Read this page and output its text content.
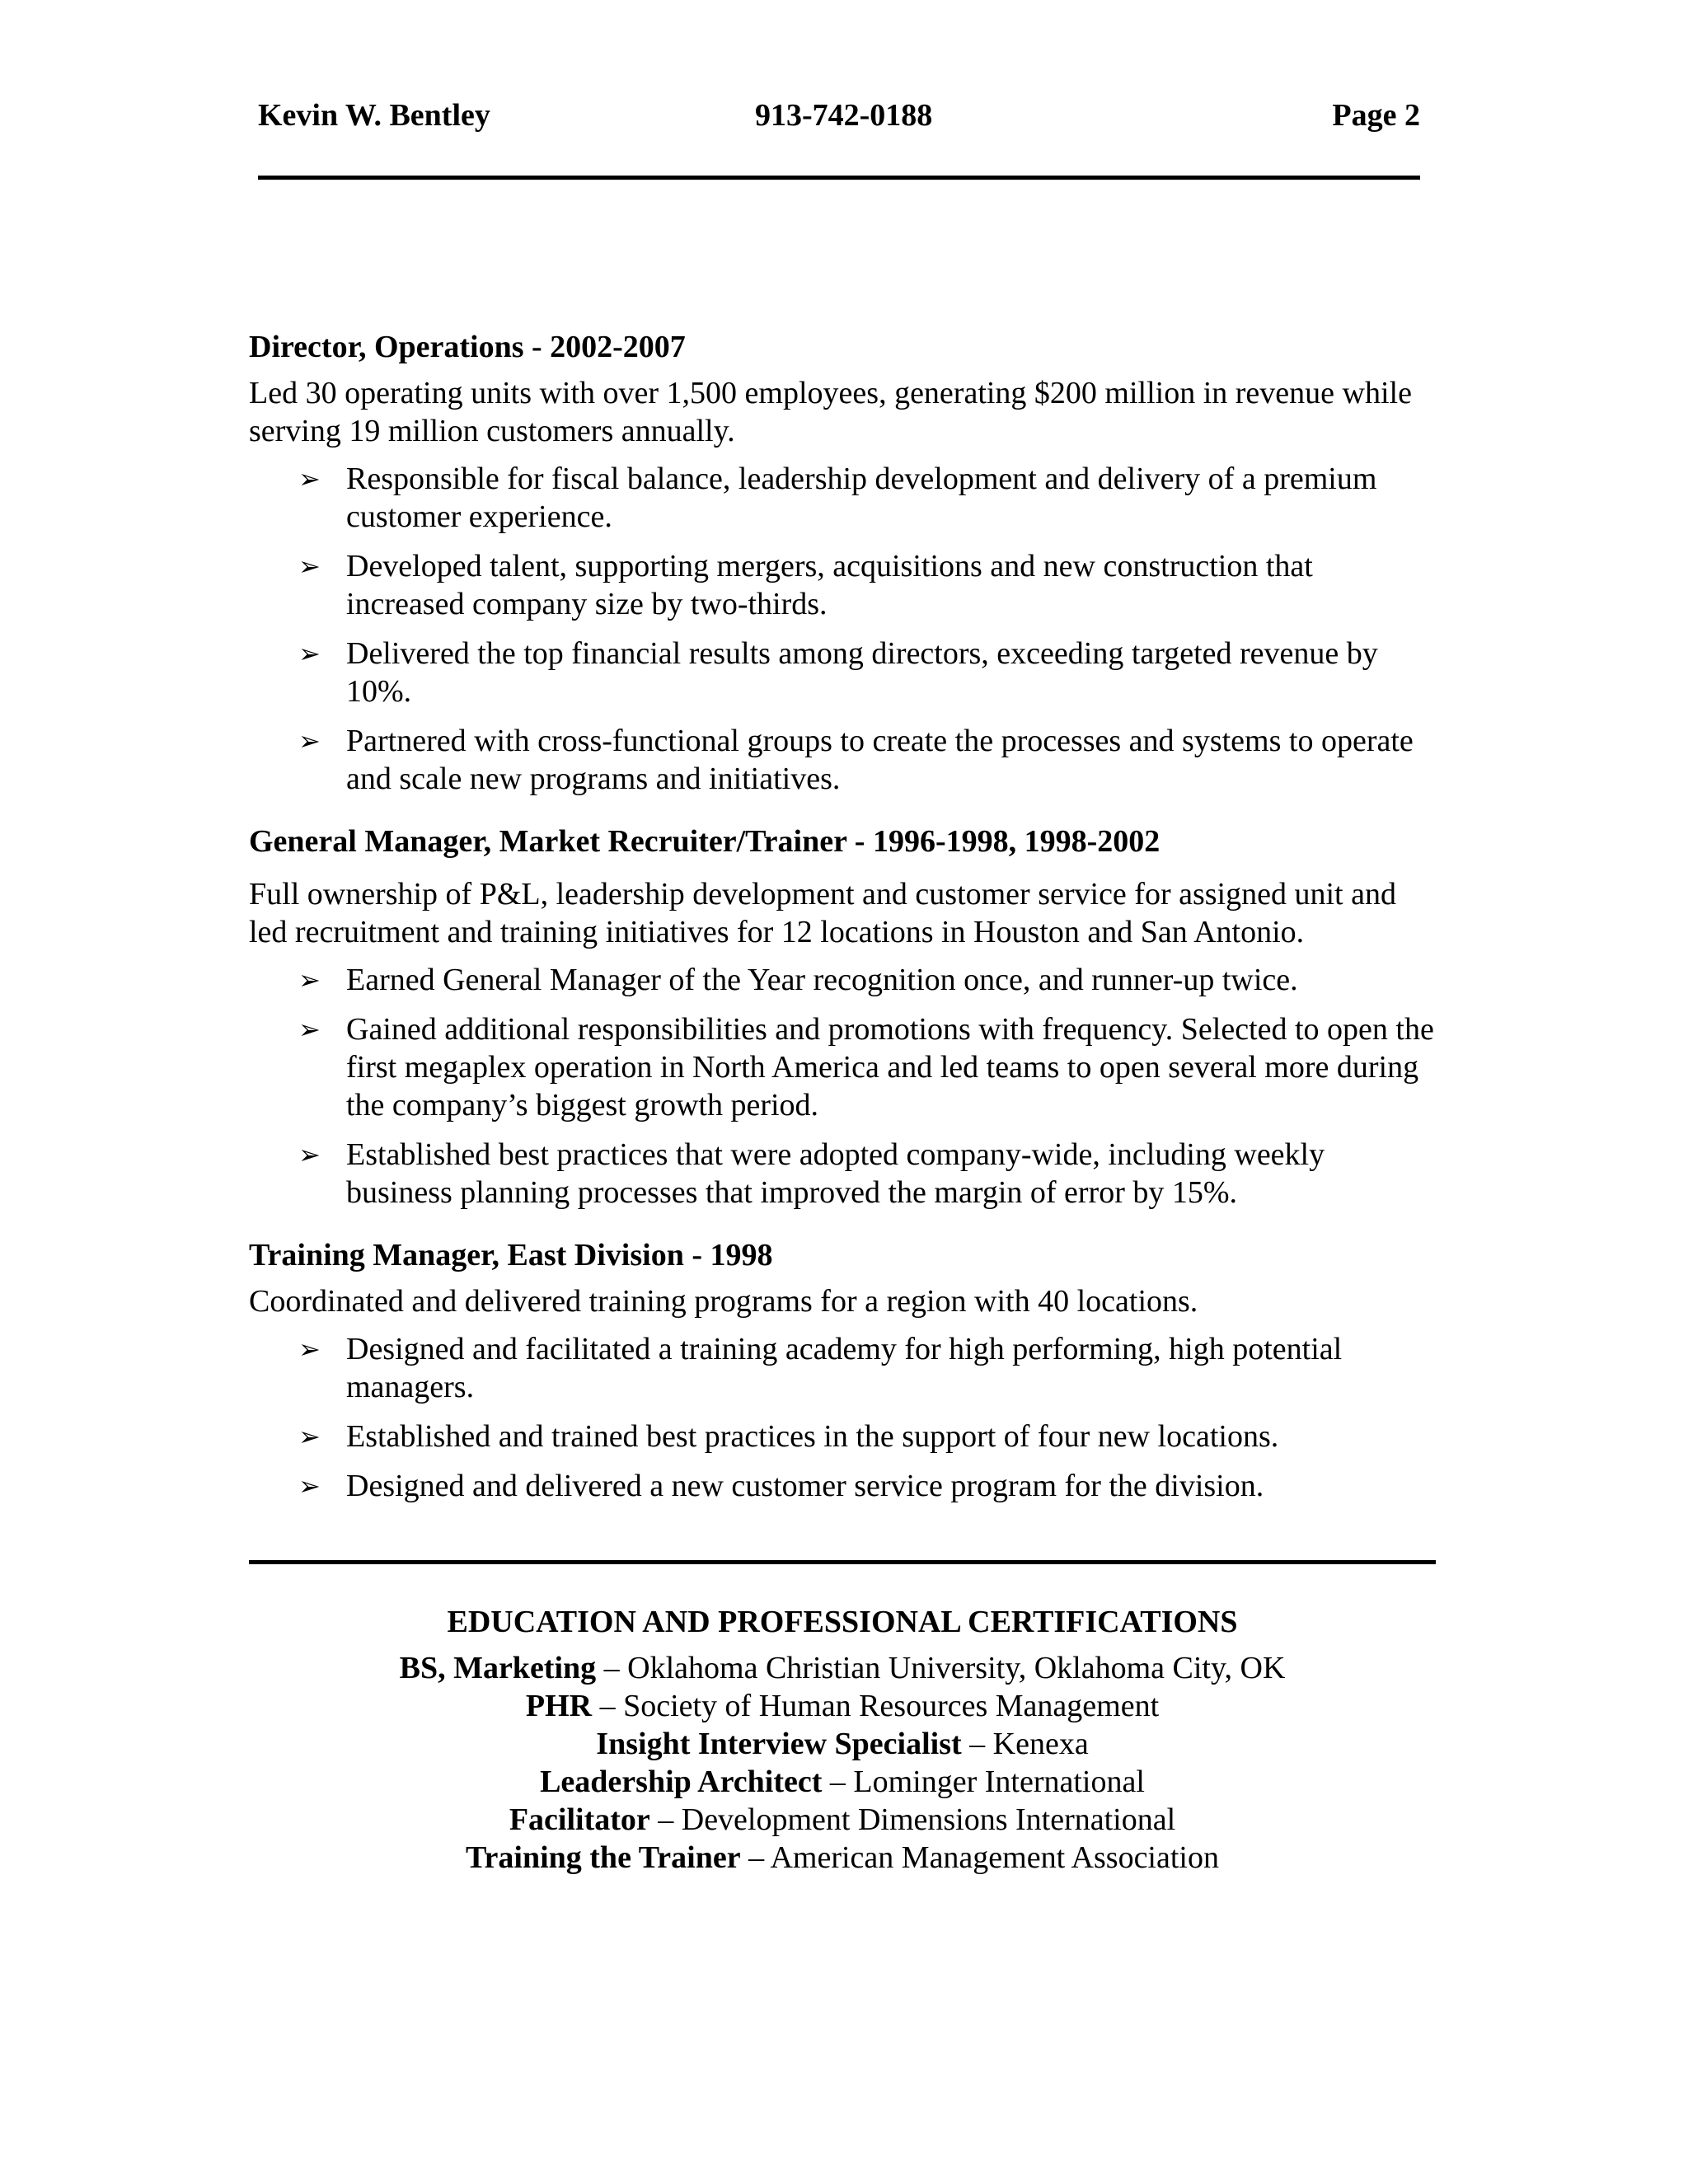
Kevin W. Bentley	913-742-0188	Page 2

Director, Operations - 2002-2007

Led 30 operating units with over 1,500 employees, generating $200 million in revenue while serving 19 million customers annually.

➢ Responsible for fiscal balance, leadership development and delivery of a premium customer experience.
➢ Developed talent, supporting mergers, acquisitions and new construction that increased company size by two-thirds.
➢ Delivered the top financial results among directors, exceeding targeted revenue by 10%.
➢ Partnered with cross-functional groups to create the processes and systems to operate and scale new programs and initiatives.

General Manager, Market Recruiter/Trainer - 1996-1998, 1998-2002

Full ownership of P&L, leadership development and customer service for assigned unit and led recruitment and training initiatives for 12 locations in Houston and San Antonio.

➢ Earned General Manager of the Year recognition once, and runner-up twice.
➢ Gained additional responsibilities and promotions with frequency. Selected to open the first megaplex operation in North America and led teams to open several more during the company’s biggest growth period.
➢ Established best practices that were adopted company-wide, including weekly business planning processes that improved the margin of error by 15%.

Training Manager, East Division - 1998

Coordinated and delivered training programs for a region with 40 locations.

➢ Designed and facilitated a training academy for high performing, high potential managers.
➢ Established and trained best practices in the support of four new locations.
➢ Designed and delivered a new customer service program for the division.
EDUCATION AND PROFESSIONAL CERTIFICATIONS
BS, Marketing – Oklahoma Christian University, Oklahoma City, OK
PHR – Society of Human Resources Management
Insight Interview Specialist – Kenexa
Leadership Architect – Lominger International
Facilitator – Development Dimensions International
Training the Trainer – American Management Association
